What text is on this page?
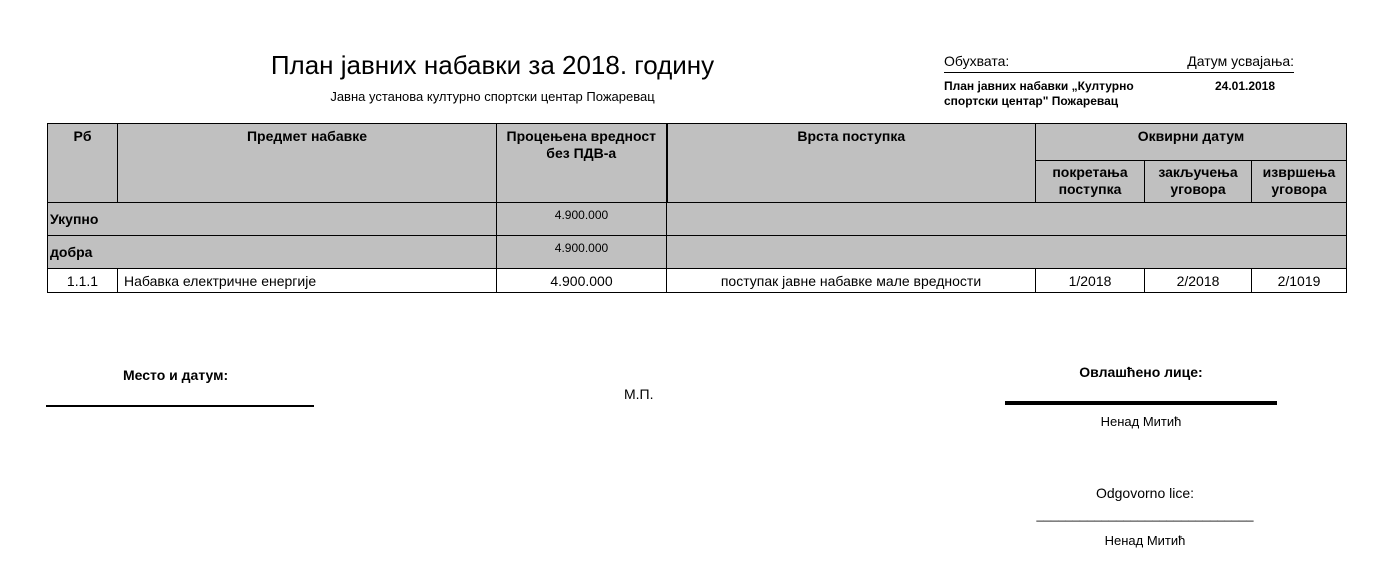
План јавних набавки за 2018. годину
Јавна установа културно спортски центар Пожаревац
Обухвата:	Датум усвајања:
План јавних набавки „Културно спортски центар" Пожаревац
24.01.2018
Рб	Предмет набавке	Процењена вредност без ПДВ-а	Врста поступка	Оквирни датум		
				покретања поступка	закључења уговора	извршења уговора
Укупно		4.900.000				
добра		4.900.000				
1.1.1	Набавка електричне енергије	4.900.000	поступак јавне набавке мале вредности	1/2018	2/2018	2/1019
Место и датум:
М.П.
Овлашћено лице:
Ненад Митић
Odgovorno lice:
______________________________
Ненад Митић
